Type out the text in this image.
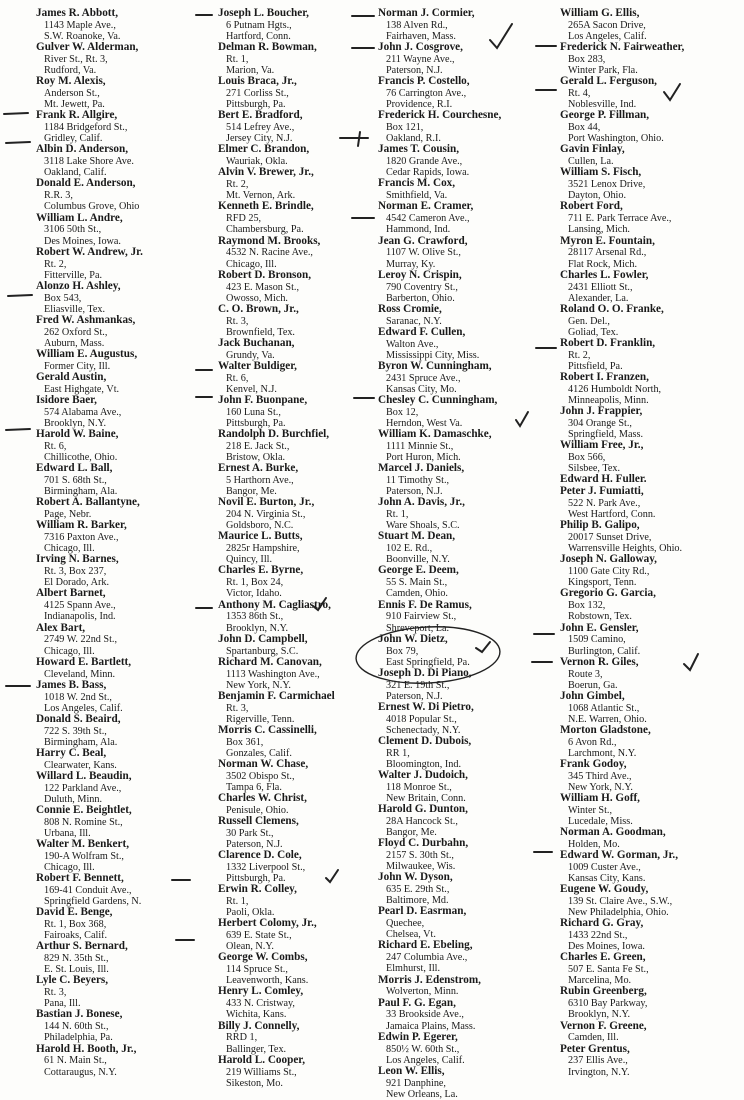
James R. Abbott,
1143 Maple Ave.,
S.W. Roanoke, Va.
Gulver W. Alderman,
River St., Rt. 3,
Rudford, Va.
Roy M. Alexis,
Anderson St.,
Mt. Jewett, Pa.
Frank R. Allgire,
1184 Bridgeford St.,
Gridley, Calif.
Albin D. Anderson,
3118 Lake Shore Ave.
Oakland, Calif.
Donald E. Anderson,
R.R. 3,
Columbus Grove, Ohio
William L. Andre,
3106 50th St.,
Des Moines, Iowa.
Robert W. Andrew, Jr.
Rt. 2,
Fitterville, Pa.
Alonzo H. Ashley,
Box 543,
Eliasville, Tex.
Fred W. Ashmankas,
262 Oxford St.,
Auburn, Mass.
William E. Augustus,
Former City, Ill.
Gerald Austin,
East Highgate, Vt.
Isidore Baer,
574 Alabama Ave.,
Brooklyn, N.Y.
Harold W. Baine,
Rt. 6,
Chillicothe, Ohio.
Edward L. Ball,
701 S. 68th St.,
Birmingham, Ala.
Robert A. Ballantyne,
Page, Nebr.
William R. Barker,
7316 Paxton Ave.,
Chicago, Ill.
Irving N. Barnes,
Rt. 3, Box 237,
El Dorado, Ark.
Albert Barnet,
4125 Spann Ave.,
Indianapolis, Ind.
Alex Bart,
2749 W. 22nd St.,
Chicago, Ill.
Howard E. Bartlett,
Cleveland, Minn.
James B. Bass,
1018 W. 2nd St.,
Los Angeles, Calif.
Donald S. Beaird,
722 S. 39th St.,
Birmingham, Ala.
Harry C. Beal,
Clearwater, Kans.
Willard L. Beaudin,
122 Parkland Ave.,
Duluth, Minn.
Connie E. Beightlet,
808 N. Romine St.,
Urbana, Ill.
Walter M. Benkert,
190-A Wolfram St.,
Chicago, Ill.
Robert F. Bennett,
169-41 Conduit Ave.,
Springfield Gardens, N.
David E. Benge,
Rt. 1, Box 368,
Fairoaks, Calif.
Arthur S. Bernard,
829 N. 35th St.,
E. St. Louis, Ill.
Lyle C. Beyers,
Rt. 3,
Pana, Ill.
Bastian J. Bonese,
144 N. 60th St.,
Philadelphia, Pa.
Harold H. Booth, Jr.,
61 N. Main St.,
Cottaraugus, N.Y.
Joseph L. Boucher,
6 Putnam Hgts.,
Hartford, Conn.
Delman R. Bowman,
Rt. 1,
Marion, Va.
Louis Braca, Jr.,
271 Corliss St.,
Pittsburgh, Pa.
Bert E. Bradford,
514 Lefrey Ave.,
Jersey City, N.J.
Elmer C. Brandon,
Wauriak, Okla.
Alvin V. Brewer, Jr.,
Rt. 2,
Mt. Vernon, Ark.
Kenneth E. Brindle,
RFD 25,
Chambersburg, Pa.
Raymond M. Brooks,
4532 N. Racine Ave.,
Chicago, Ill.
Robert D. Bronson,
423 E. Mason St.,
Owosso, Mich.
C. O. Brown, Jr.,
Rt. 3,
Brownfield, Tex.
Jack Buchanan,
Grundy, Va.
Walter Buldiger,
Rt. 6,
Kenvel, N.J.
John F. Buonpane,
160 Luna St.,
Pittsburgh, Pa.
Randolph D. Burchfiel,
218 E. Jack St.,
Bristow, Okla.
Ernest A. Burke,
5 Harthorn Ave.,
Bangor, Me.
Novil E. Burton, Jr.,
204 N. Virginia St.,
Goldsboro, N.C.
Maurice L. Butts,
2825r Hampshire,
Quincy, Ill.
Charles E. Byrne,
Rt. 1, Box 24,
Victor, Idaho.
Anthony M. Cagliastro,
1353 86th St.,
Brooklyn, N.Y.
John D. Campbell,
Spartanburg, S.C.
Richard M. Canovan,
1113 Washington Ave.,
New York, N.Y.
Benjamin F. Carmichael
Rt. 3,
Rigerville, Tenn.
Morris C. Cassinelli,
Box 361,
Gonzales, Calif.
Norman W. Chase,
3502 Obispo St.,
Tampa 6, Fla.
Charles W. Christ,
Penisule, Ohio.
Russell Clemens,
30 Park St.,
Paterson, N.J.
Clarence D. Cole,
1332 Liverpool St.,
Pittsburgh, Pa.
Erwin R. Colley,
Rt. 1,
Paoli, Okla.
Herbert Colomy, Jr.,
639 E. State St.,
Olean, N.Y.
George W. Combs,
114 Spruce St.,
Leavenworth, Kans.
Henry L. Comley,
433 N. Cristway,
Wichita, Kans.
Billy J. Connelly,
RRD 1,
Ballinger, Tex.
Harold L. Cooper,
219 Williams St.,
Sikeston, Mo.
Norman J. Cormier,
138 Alven Rd.,
Fairhaven, Mass.
John J. Cosgrove,
211 Wayne Ave.,
Paterson, N.J.
Francis P. Costello,
76 Carrington Ave.,
Providence, R.I.
Frederick H. Courchesne,
Box 121,
Oakland, R.I.
James T. Cousin,
1820 Grande Ave.,
Cedar Rapids, Iowa.
Francis M. Cox,
Smithfield, Va.
Norman E. Cramer,
4542 Cameron Ave.,
Hammond, Ind.
Jean G. Crawford,
1107 W. Olive St.,
Murray, Ky.
Leroy N. Crispin,
790 Coventry St.,
Barberton, Ohio.
Ross Cromie,
Saranac, N.Y.
Edward F. Cullen,
Walton Ave.,
Mississippi City, Miss.
Byron W. Cunningham,
2431 Spruce Ave.,
Kansas City, Mo.
Chesley C. Cunningham,
Box 12,
Herndon, West Va.
William K. Damaschke,
1111 Minnie St.,
Port Huron, Mich.
Marcel J. Daniels,
11 Timothy St.,
Paterson, N.J.
John A. Davis, Jr.,
Rt. 1,
Ware Shoals, S.C.
Stuart M. Dean,
102 E. Rd.,
Boonville, N.Y.
George E. Deem,
55 S. Main St.,
Camden, Ohio.
Ennis F. De Ramus,
910 Fairview St.,
Shreveport, La.
John W. Dietz,
Box 79,
East Springfield, Pa.
Joseph D. Di Piano,
321 E. 19th St.,
Paterson, N.J.
Ernest W. Di Pietro,
4018 Popular St.,
Schenectady, N.Y.
Clement D. Dubois,
RR 1,
Bloomington, Ind.
Walter J. Dudoich,
118 Monroe St.,
New Britain, Conn.
Harold G. Dunton,
28A Hancock St.,
Bangor, Me.
Floyd C. Durbahn,
2157 S. 30th St.,
Milwaukee, Wis.
John W. Dyson,
635 E. 29th St.,
Baltimore, Md.
Pearl D. Easrman,
Quechee,
Chelsea, Vt.
Richard E. Ebeling,
247 Columbia Ave.,
Elmhurst, Ill.
Morris J. Edenstrom,
Wolverton, Minn.
Paul F. G. Egan,
33 Brookside Ave.,
Jamaica Plains, Mass.
Edwin P. Egerer,
850½ W. 60th St.,
Los Angeles, Calif.
Leon W. Ellis,
921 Danphine,
New Orleans, La.
William G. Ellis,
265A Sacon Drive,
Los Angeles, Calif.
Frederick N. Fairweather,
Box 283,
Winter Park, Fla.
Gerald L. Ferguson,
Rt. 4,
Noblesville, Ind.
George P. Fillman,
Box 44,
Port Washington, Ohio.
Gavin Finlay,
Cullen, La.
William S. Fisch,
3521 Lenox Drive,
Dayton, Ohio.
Robert Ford,
711 E. Park Terrace Ave.,
Lansing, Mich.
Myron E. Fountain,
28117 Arsenal Rd.,
Flat Rock, Mich.
Charles L. Fowler,
2431 Elliott St.,
Alexander, La.
Roland O. O. Franke,
Gen. Del.,
Goliad, Tex.
Robert D. Franklin,
Rt. 2,
Pittsfield, Pa.
Robert I. Franzen,
4126 Humboldt North,
Minneapolis, Minn.
John J. Frappier,
304 Orange St.,
Springfield, Mass.
William Free, Jr.,
Box 566,
Silsbee, Tex.
Edward H. Fuller.
Peter J. Fumiatti,
522 N. Park Ave.,
West Hartford, Conn.
Philip B. Galipo,
20017 Sunset Drive,
Warrensville Heights, Ohio.
Joseph N. Galloway,
1100 Gate City Rd.,
Kingsport, Tenn.
Gregorio G. Garcia,
Box 132,
Robstown, Tex.
John E. Gensler,
1509 Camino,
Burlington, Calif.
Vernon R. Giles,
Route 3,
Boerun, Ga.
John Gimbel,
1068 Atlantic St.,
N.E. Warren, Ohio.
Morton Gladstone,
6 Avon Rd.,
Larchmont, N.Y.
Frank Godoy,
345 Third Ave.,
New York, N.Y.
William H. Goff,
Winter St.,
Lucedale, Miss.
Norman A. Goodman,
Holden, Mo.
Edward W. Gorman, Jr.,
1009 Custer Ave.,
Kansas City, Kans.
Eugene W. Goudy,
139 St. Claire Ave., S.W.,
New Philadelphia, Ohio.
Richard G. Gray,
1433 22nd St.,
Des Moines, Iowa.
Charles E. Green,
507 E. Santa Fe St.,
Marcelina, Mo.
Rubin Greenberg,
6310 Bay Parkway,
Brooklyn, N.Y.
Vernon F. Greene,
Camden, Ill.
Peter Grentus,
237 Ellis Ave.,
Irvington, N.Y.
